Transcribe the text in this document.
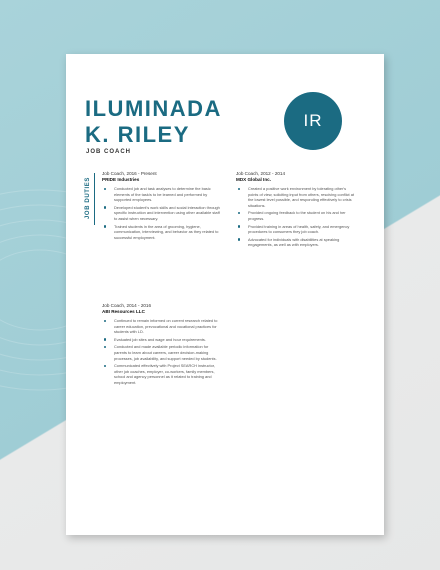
ILUMINADA
K. RILEY
JOB COACH
IR
JOB DUTIES
Job Coach, 2016 - Present
PRIDE Industries
Conducted job and task analyses to determine the basic elements of the task/s to be learned and performed by supported employees.
Developed student's work skills and social interaction through specific instruction and intervention using other available staff to assist when necessary.
Trained students in the area of grooming, hygiene, communication, interviewing, and behavior as they related to successful employment.
Job Coach, 2012 - 2014
MDX Global Inc.
Created a positive work environment by tolerating other's points of view, soliciting input from others, resolving conflict at the lowest level possible, and responding effectively to crisis situations.
Provided ongoing feedback to the student on his and her progress.
Provided training in areas of health, safety, and emergency procedures to consumers they job coach.
Advocated for individuals with disabilities at speaking engagements, as well as with employers.
Job Coach, 2014 - 2016
ABI Resources LLC
Continued to remain informed on current research related to career education, prevocational and vocational practices for students with LD.
Evaluated job sites and wage and hour requirements.
Conducted and made available periodic information for parents to learn about careers, career decision-making processes, job availability, and support needed by students.
Communicated effectively with Project SEARCH instructor, other job coaches, employer, co-workers, family members, school and agency personnel as it related to training and employment.
